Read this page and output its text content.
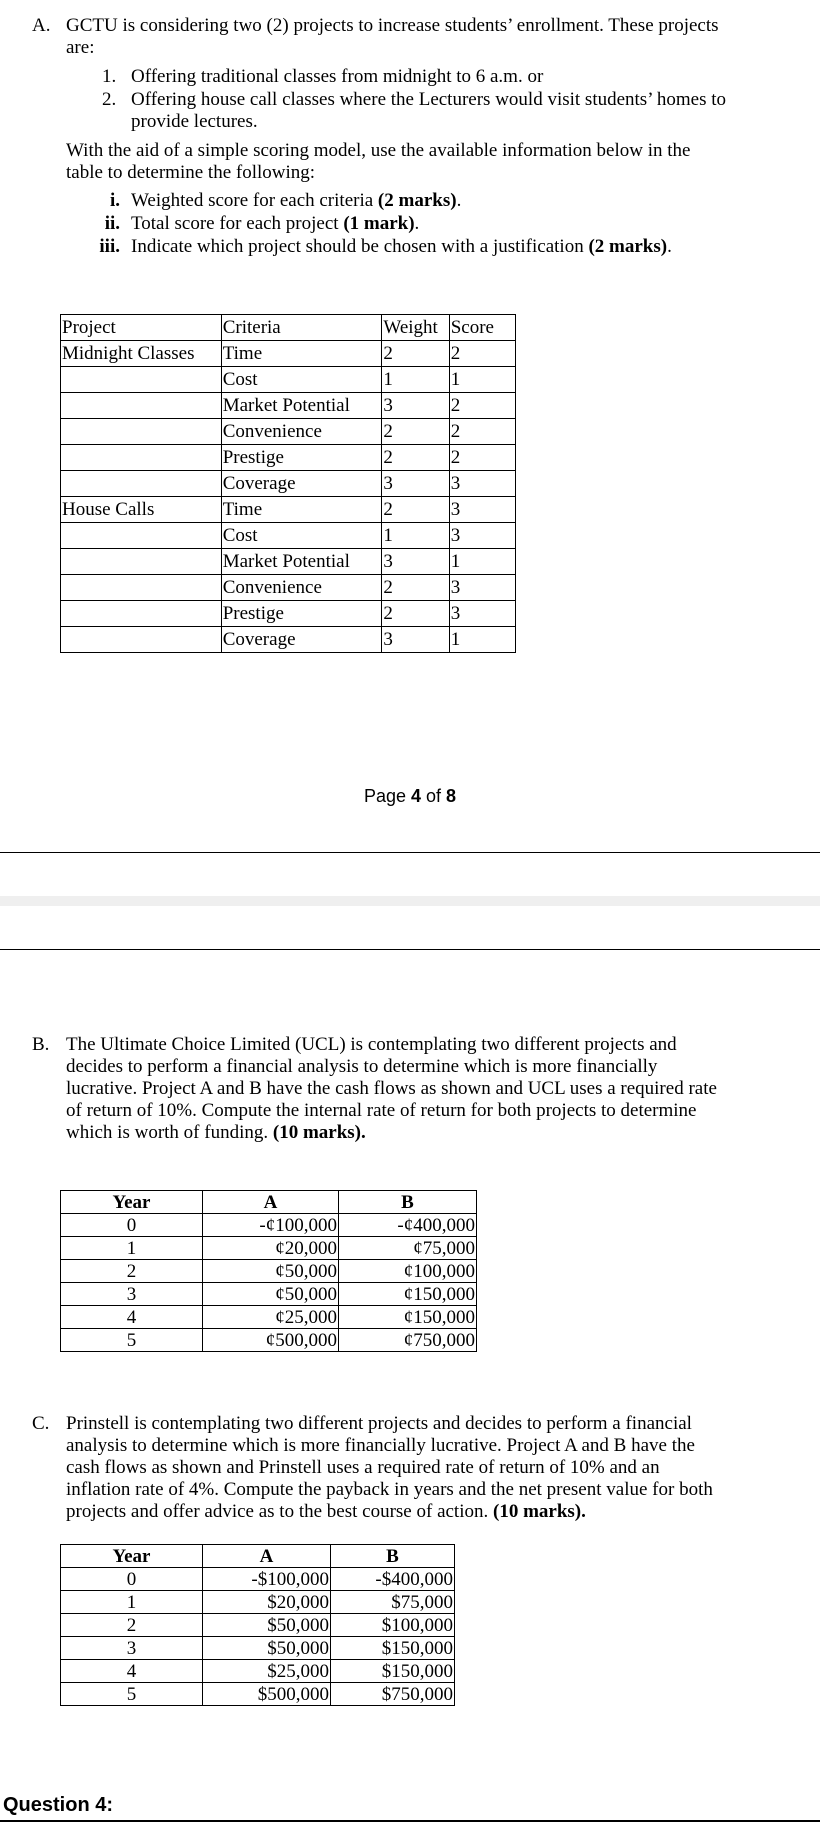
A. GCTU is considering two (2) projects to increase students’ enrollment. These projects
are:
1. Offering traditional classes from midnight to 6 a.m. or
2. Offering house call classes where the Lecturers would visit students’ homes to
provide lectures.
With the aid of a simple scoring model, use the available information below in the
table to determine the following:
i. Weighted score for each criteria (2 marks).
ii. Total score for each project (1 mark).
iii. Indicate which project should be chosen with a justification (2 marks).
Project	Criteria	Weight	Score
Midnight Classes	Time	2	2
	Cost	1	1
	Market Potential	3	2
	Convenience	2	2
	Prestige	2	2
	Coverage	3	3
House Calls	Time	2	3
	Cost	1	3
	Market Potential	3	1
	Convenience	2	3
	Prestige	2	3
	Coverage	3	1
Page 4 of 8
B. The Ultimate Choice Limited (UCL) is contemplating two different projects and
decides to perform a financial analysis to determine which is more financially
lucrative. Project A and B have the cash flows as shown and UCL uses a required rate
of return of 10%. Compute the internal rate of return for both projects to determine
which is worth of funding. (10 marks).
Year	A	B
0	-¢100,000	-¢400,000
1	¢20,000	¢75,000
2	¢50,000	¢100,000
3	¢50,000	¢150,000
4	¢25,000	¢150,000
5	¢500,000	¢750,000
C. Prinstell is contemplating two different projects and decides to perform a financial
analysis to determine which is more financially lucrative. Project A and B have the
cash flows as shown and Prinstell uses a required rate of return of 10% and an
inflation rate of 4%. Compute the payback in years and the net present value for both
projects and offer advice as to the best course of action. (10 marks).
Year	A	B
0	-$100,000	-$400,000
1	$20,000	$75,000
2	$50,000	$100,000
3	$50,000	$150,000
4	$25,000	$150,000
5	$500,000	$750,000
Question 4:
